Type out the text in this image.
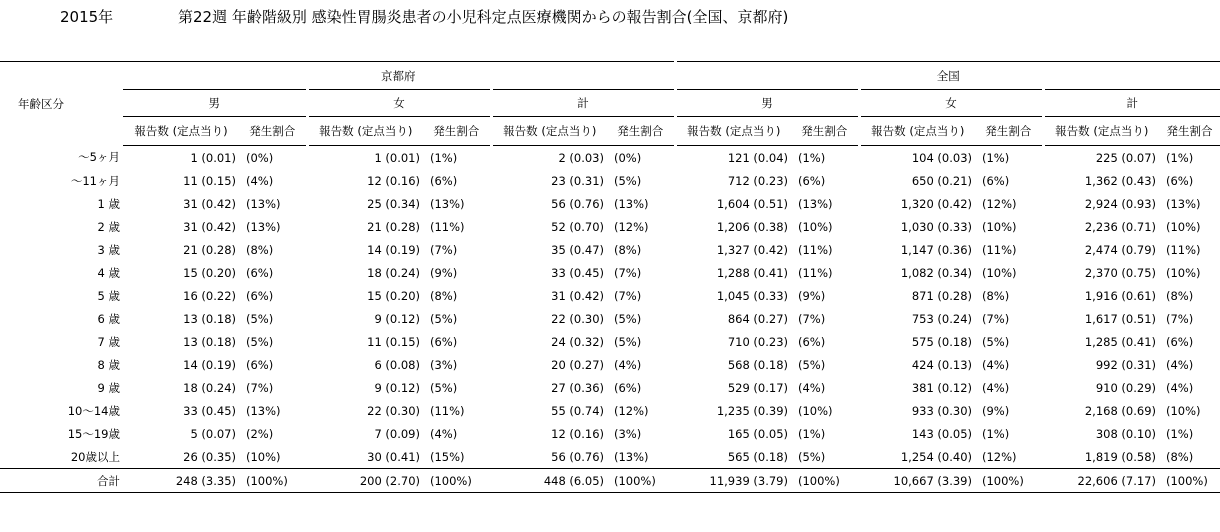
2015年	第22週 年齢階級別 感染性胃腸炎患者の小児科定点医療機関からの報告割合(全国、京都府)
年齢区分	京都府						全国					
	男		女		計		男		女		計	
	報告数 (定点当り)	発生割合	報告数 (定点当り)	発生割合	報告数 (定点当り)	発生割合	報告数 (定点当り)	発生割合	報告数 (定点当り)	発生割合	報告数 (定点当り)	発生割合
～5ヶ月	1 (0.01)	(0%)	1 (0.01)	(1%)	2 (0.03)	(0%)	121 (0.04)	(1%)	104 (0.03)	(1%)	225 (0.07)	(1%)
～11ヶ月	11 (0.15)	(4%)	12 (0.16)	(6%)	23 (0.31)	(5%)	712 (0.23)	(6%)	650 (0.21)	(6%)	1,362 (0.43)	(6%)
1 歳	31 (0.42)	(13%)	25 (0.34)	(13%)	56 (0.76)	(13%)	1,604 (0.51)	(13%)	1,320 (0.42)	(12%)	2,924 (0.93)	(13%)
2 歳	31 (0.42)	(13%)	21 (0.28)	(11%)	52 (0.70)	(12%)	1,206 (0.38)	(10%)	1,030 (0.33)	(10%)	2,236 (0.71)	(10%)
3 歳	21 (0.28)	(8%)	14 (0.19)	(7%)	35 (0.47)	(8%)	1,327 (0.42)	(11%)	1,147 (0.36)	(11%)	2,474 (0.79)	(11%)
4 歳	15 (0.20)	(6%)	18 (0.24)	(9%)	33 (0.45)	(7%)	1,288 (0.41)	(11%)	1,082 (0.34)	(10%)	2,370 (0.75)	(10%)
5 歳	16 (0.22)	(6%)	15 (0.20)	(8%)	31 (0.42)	(7%)	1,045 (0.33)	(9%)	871 (0.28)	(8%)	1,916 (0.61)	(8%)
6 歳	13 (0.18)	(5%)	9 (0.12)	(5%)	22 (0.30)	(5%)	864 (0.27)	(7%)	753 (0.24)	(7%)	1,617 (0.51)	(7%)
7 歳	13 (0.18)	(5%)	11 (0.15)	(6%)	24 (0.32)	(5%)	710 (0.23)	(6%)	575 (0.18)	(5%)	1,285 (0.41)	(6%)
8 歳	14 (0.19)	(6%)	6 (0.08)	(3%)	20 (0.27)	(4%)	568 (0.18)	(5%)	424 (0.13)	(4%)	992 (0.31)	(4%)
9 歳	18 (0.24)	(7%)	9 (0.12)	(5%)	27 (0.36)	(6%)	529 (0.17)	(4%)	381 (0.12)	(4%)	910 (0.29)	(4%)
10～14歳	33 (0.45)	(13%)	22 (0.30)	(11%)	55 (0.74)	(12%)	1,235 (0.39)	(10%)	933 (0.30)	(9%)	2,168 (0.69)	(10%)
15～19歳	5 (0.07)	(2%)	7 (0.09)	(4%)	12 (0.16)	(3%)	165 (0.05)	(1%)	143 (0.05)	(1%)	308 (0.10)	(1%)
20歳以上	26 (0.35)	(10%)	30 (0.41)	(15%)	56 (0.76)	(13%)	565 (0.18)	(5%)	1,254 (0.40)	(12%)	1,819 (0.58)	(8%)
合計	248 (3.35)	(100%)	200 (2.70)	(100%)	448 (6.05)	(100%)	11,939 (3.79)	(100%)	10,667 (3.39)	(100%)	22,606 (7.17)	(100%)
